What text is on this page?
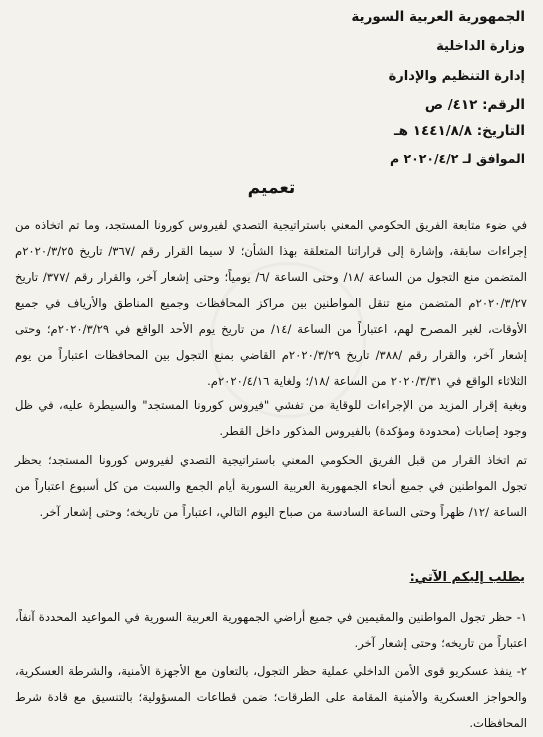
الجمهورية العربية السورية
وزارة الداخلية
إدارة التنظيم والإدارة
الرقم: ٤١٢/ ص
التاريخ: ١٤٤١/٨/٨ هـ
الموافق لـ ٢٠٢٠/٤/٢ م
تعميم
في ضوء متابعة الفريق الحكومي المعني باستراتيجية التصدي لفيروس كورونا المستجد، وما تم اتخاذه من إجراءات سابقة، وإشارة إلى قراراتنا المتعلقة بهذا الشأن؛ لا سيما القرار رقم /٣٦٧/ تاريخ ٢٠٢٠/٣/٢٥م المتضمن منع التجول من الساعة /١٨/ وحتى الساعة /٦/ يومياً؛ وحتى إشعار آخر، والقرار رقم /٣٧٧/ تاريخ ٢٠٢٠/٣/٢٧م المتضمن منع تنقل المواطنين بين مراكز المحافظات وجميع المناطق والأرياف في جميع الأوقات، لغير المصرح لهم، اعتباراً من الساعة /١٤/ من تاريخ يوم الأحد الواقع في ٢٠٢٠/٣/٢٩م؛ وحتى إشعار آخر، والقرار رقم /٣٨٨/ تاريخ ٢٠٢٠/٣/٢٩م القاضي بمنع التجول بين المحافظات اعتباراً من يوم الثلاثاء الواقع في ٢٠٢٠/٣/٣١ من الساعة /١٨/؛ ولغاية ٢٠٢٠/٤/١٦م.
وبغية إقرار المزيد من الإجراءات للوقاية من تفشي "فيروس كورونا المستجد" والسيطرة عليه، في ظل وجود إصابات (محدودة ومؤكدة) بالفيروس المذكور داخل القطر.
تم اتخاذ القرار من قبل الفريق الحكومي المعني باستراتيجية التصدي لفيروس كورونا المستجد؛ بحظر تجول المواطنين في جميع أنحاء الجمهورية العربية السورية أيام الجمع والسبت من كل أسبوع اعتباراً من الساعة /١٢/ ظهراً وحتى الساعة السادسة من صباح اليوم التالي، اعتباراً من تاريخه؛ وحتى إشعار آخر.
يطلب إليكم الآتي:
١- حظر تجول المواطنين والمقيمين في جميع أراضي الجمهورية العربية السورية في المواعيد المحددة آنفاً، اعتباراً من تاريخه؛ وحتى إشعار آخر.
٢- ينفذ عسكريو قوى الأمن الداخلي عملية حظر التجول، بالتعاون مع الأجهزة الأمنية، والشرطة العسكرية، والحواجز العسكرية والأمنية المقامة على الطرقات؛ ضمن قطاعات المسؤولية؛ بالتنسيق مع قادة شرط المحافظات.
